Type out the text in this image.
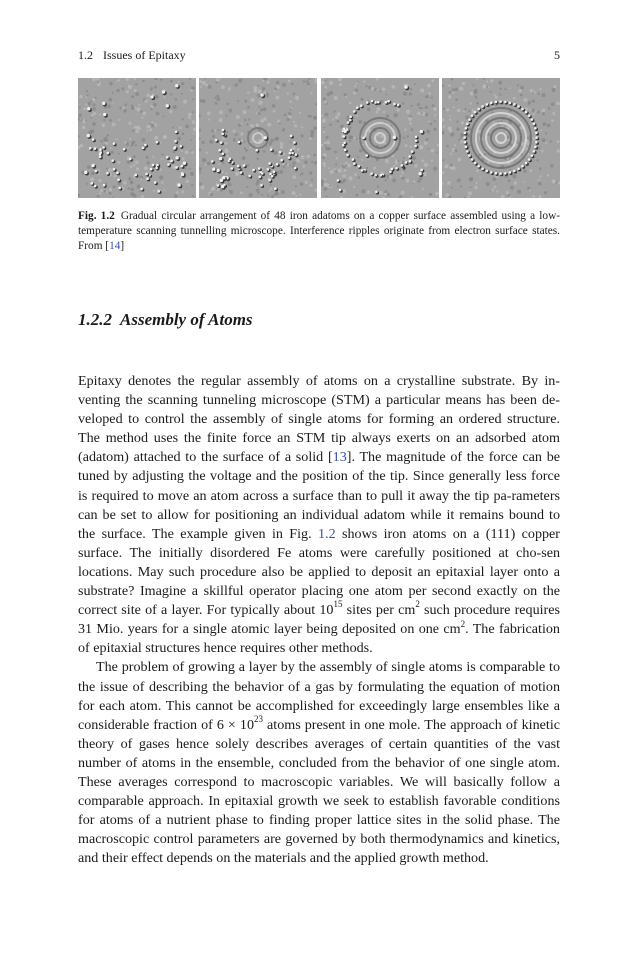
1.2 Issues of Epitaxy	5
Fig. 1.2 Gradual circular arrangement of 48 iron adatoms on a copper surface assembled using a low-temperature scanning tunnelling microscope. Interference ripples originate from electron surface states. From [14]
1.2.2 Assembly of Atoms

Epitaxy denotes the regular assembly of atoms on a crystalline substrate. By in-venting the scanning tunneling microscope (STM) a particular means has been de-veloped to control the assembly of single atoms for forming an ordered structure. The method uses the finite force an STM tip always exerts on an adsorbed atom (adatom) attached to the surface of a solid [13]. The magnitude of the force can be tuned by adjusting the voltage and the position of the tip. Since generally less force is required to move an atom across a surface than to pull it away the tip pa-rameters can be set to allow for positioning an individual adatom while it remains bound to the surface. The example given in Fig. 1.2 shows iron atoms on a (111) copper surface. The initially disordered Fe atoms were carefully positioned at cho-sen locations. May such procedure also be applied to deposit an epitaxial layer onto a substrate? Imagine a skillful operator placing one atom per second exactly on the correct site of a layer. For typically about $10^{15}$ sites per $cm^2$ such procedure requires 31 Mio. years for a single atomic layer being deposited on one $cm^2$. The fabrication of epitaxial structures hence requires other methods.

The problem of growing a layer by the assembly of single atoms is comparable to the issue of describing the behavior of a gas by formulating the equation of motion for each atom. This cannot be accomplished for exceedingly large ensembles like a considerable fraction of $6 \times 10^{23}$ atoms present in one mole. The approach of kinetic theory of gases hence solely describes averages of certain quantities of the vast number of atoms in the ensemble, concluded from the behavior of one single atom. These averages correspond to macroscopic variables. We will basically follow a comparable approach. In epitaxial growth we seek to establish favorable conditions for atoms of a nutrient phase to finding proper lattice sites in the solid phase. The macroscopic control parameters are governed by both thermodynamics and kinetics, and their effect depends on the materials and the applied growth method.
